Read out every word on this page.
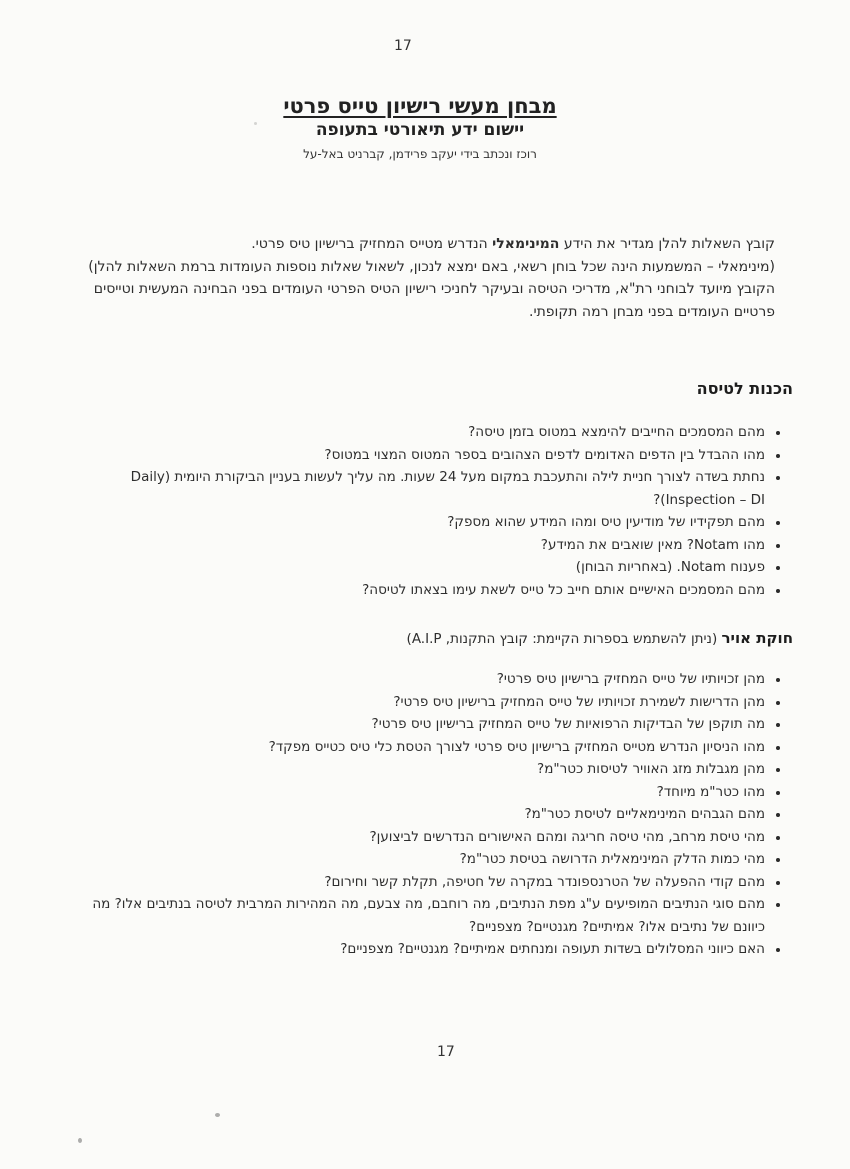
17
מבחן מעשי רישיון טייס פרטי
יישום ידע תיאורטי בתעופה
רוכז ונכתב בידי יעקב פרידמן, קברניט באל-על

קובץ השאלות להלן מגדיר את הידע המינימאלי הנדרש מטייס המחזיק ברישיון טיס פרטי.

(מינימאלי – המשמעות הינה שכל בוחן רשאי, באם ימצא לנכון, לשאול שאלות נוספות העומדות ברמת השאלות להלן)

הקובץ מיועד לבוחני רת"א, מדריכי הטיסה ובעיקר לחניכי רישיון הטיס הפרטי העומדים בפני הבחינה המעשית וטייסים פרטיים העומדים בפני מבחן רמה תקופתי.

הכנות לטיסה
• מהם המסמכים החייבים להימצא במטוס בזמן טיסה?
• מהו ההבדל בין הדפים האדומים לדפים הצהובים בספר המטוס המצוי במטוס?
• נחתת בשדה לצורך חניית לילה והתעכבת במקום מעל 24 שעות. מה עליך לעשות בעניין הביקורת היומית (Daily Inspection – DI)?
• מהם תפקידיו של מודיעין טיס ומהו המידע שהוא מספק?
• מהו Notam? מאין שואבים את המידע?
• פענוח Notam. (באחריות הבוחן)
• מהם המסמכים האישיים אותם חייב כל טייס לשאת עימו בצאתו לטיסה?
חוקת אויר (ניתן להשתמש בספרות הקיימת: קובץ התקנות, A.I.P)
• מהן זכויותיו של טייס המחזיק ברישיון טיס פרטי?
• מהן הדרישות לשמירת זכויותיו של טייס המחזיק ברישיון טיס פרטי?
• מה תוקפן של הבדיקות הרפואיות של טייס המחזיק ברישיון טיס פרטי?
• מהו הניסיון הנדרש מטייס המחזיק ברישיון טיס פרטי לצורך הטסת כלי טיס כטייס מפקד?
• מהן מגבלות מזג האוויר לטיסות כטר"מ?
• מהו כטר"מ מיוחד?
• מהם הגבהים המינימאליים לטיסת כטר"מ?
• מהי טיסת מרחב, מהי טיסה חריגה ומהם האישורים הנדרשים לביצוען?
• מהי כמות הדלק המינימאלית הדרושה בטיסת כטר"מ?
• מהם קודי ההפעלה של הטרנספונדר במקרה של חטיפה, תקלת קשר וחירום?
• מהם סוגי הנתיבים המופיעים ע"ג מפת הנתיבים, מה רוחבם, מה צבעם, מה המהירות המרבית לטיסה בנתיבים אלו? מה כיוונם של נתיבים אלו? אמיתיים? מגנטיים? מצפניים?
• האם כיווני המסלולים בשדות תעופה ומנחתים אמיתיים? מגנטיים? מצפניים?
17
